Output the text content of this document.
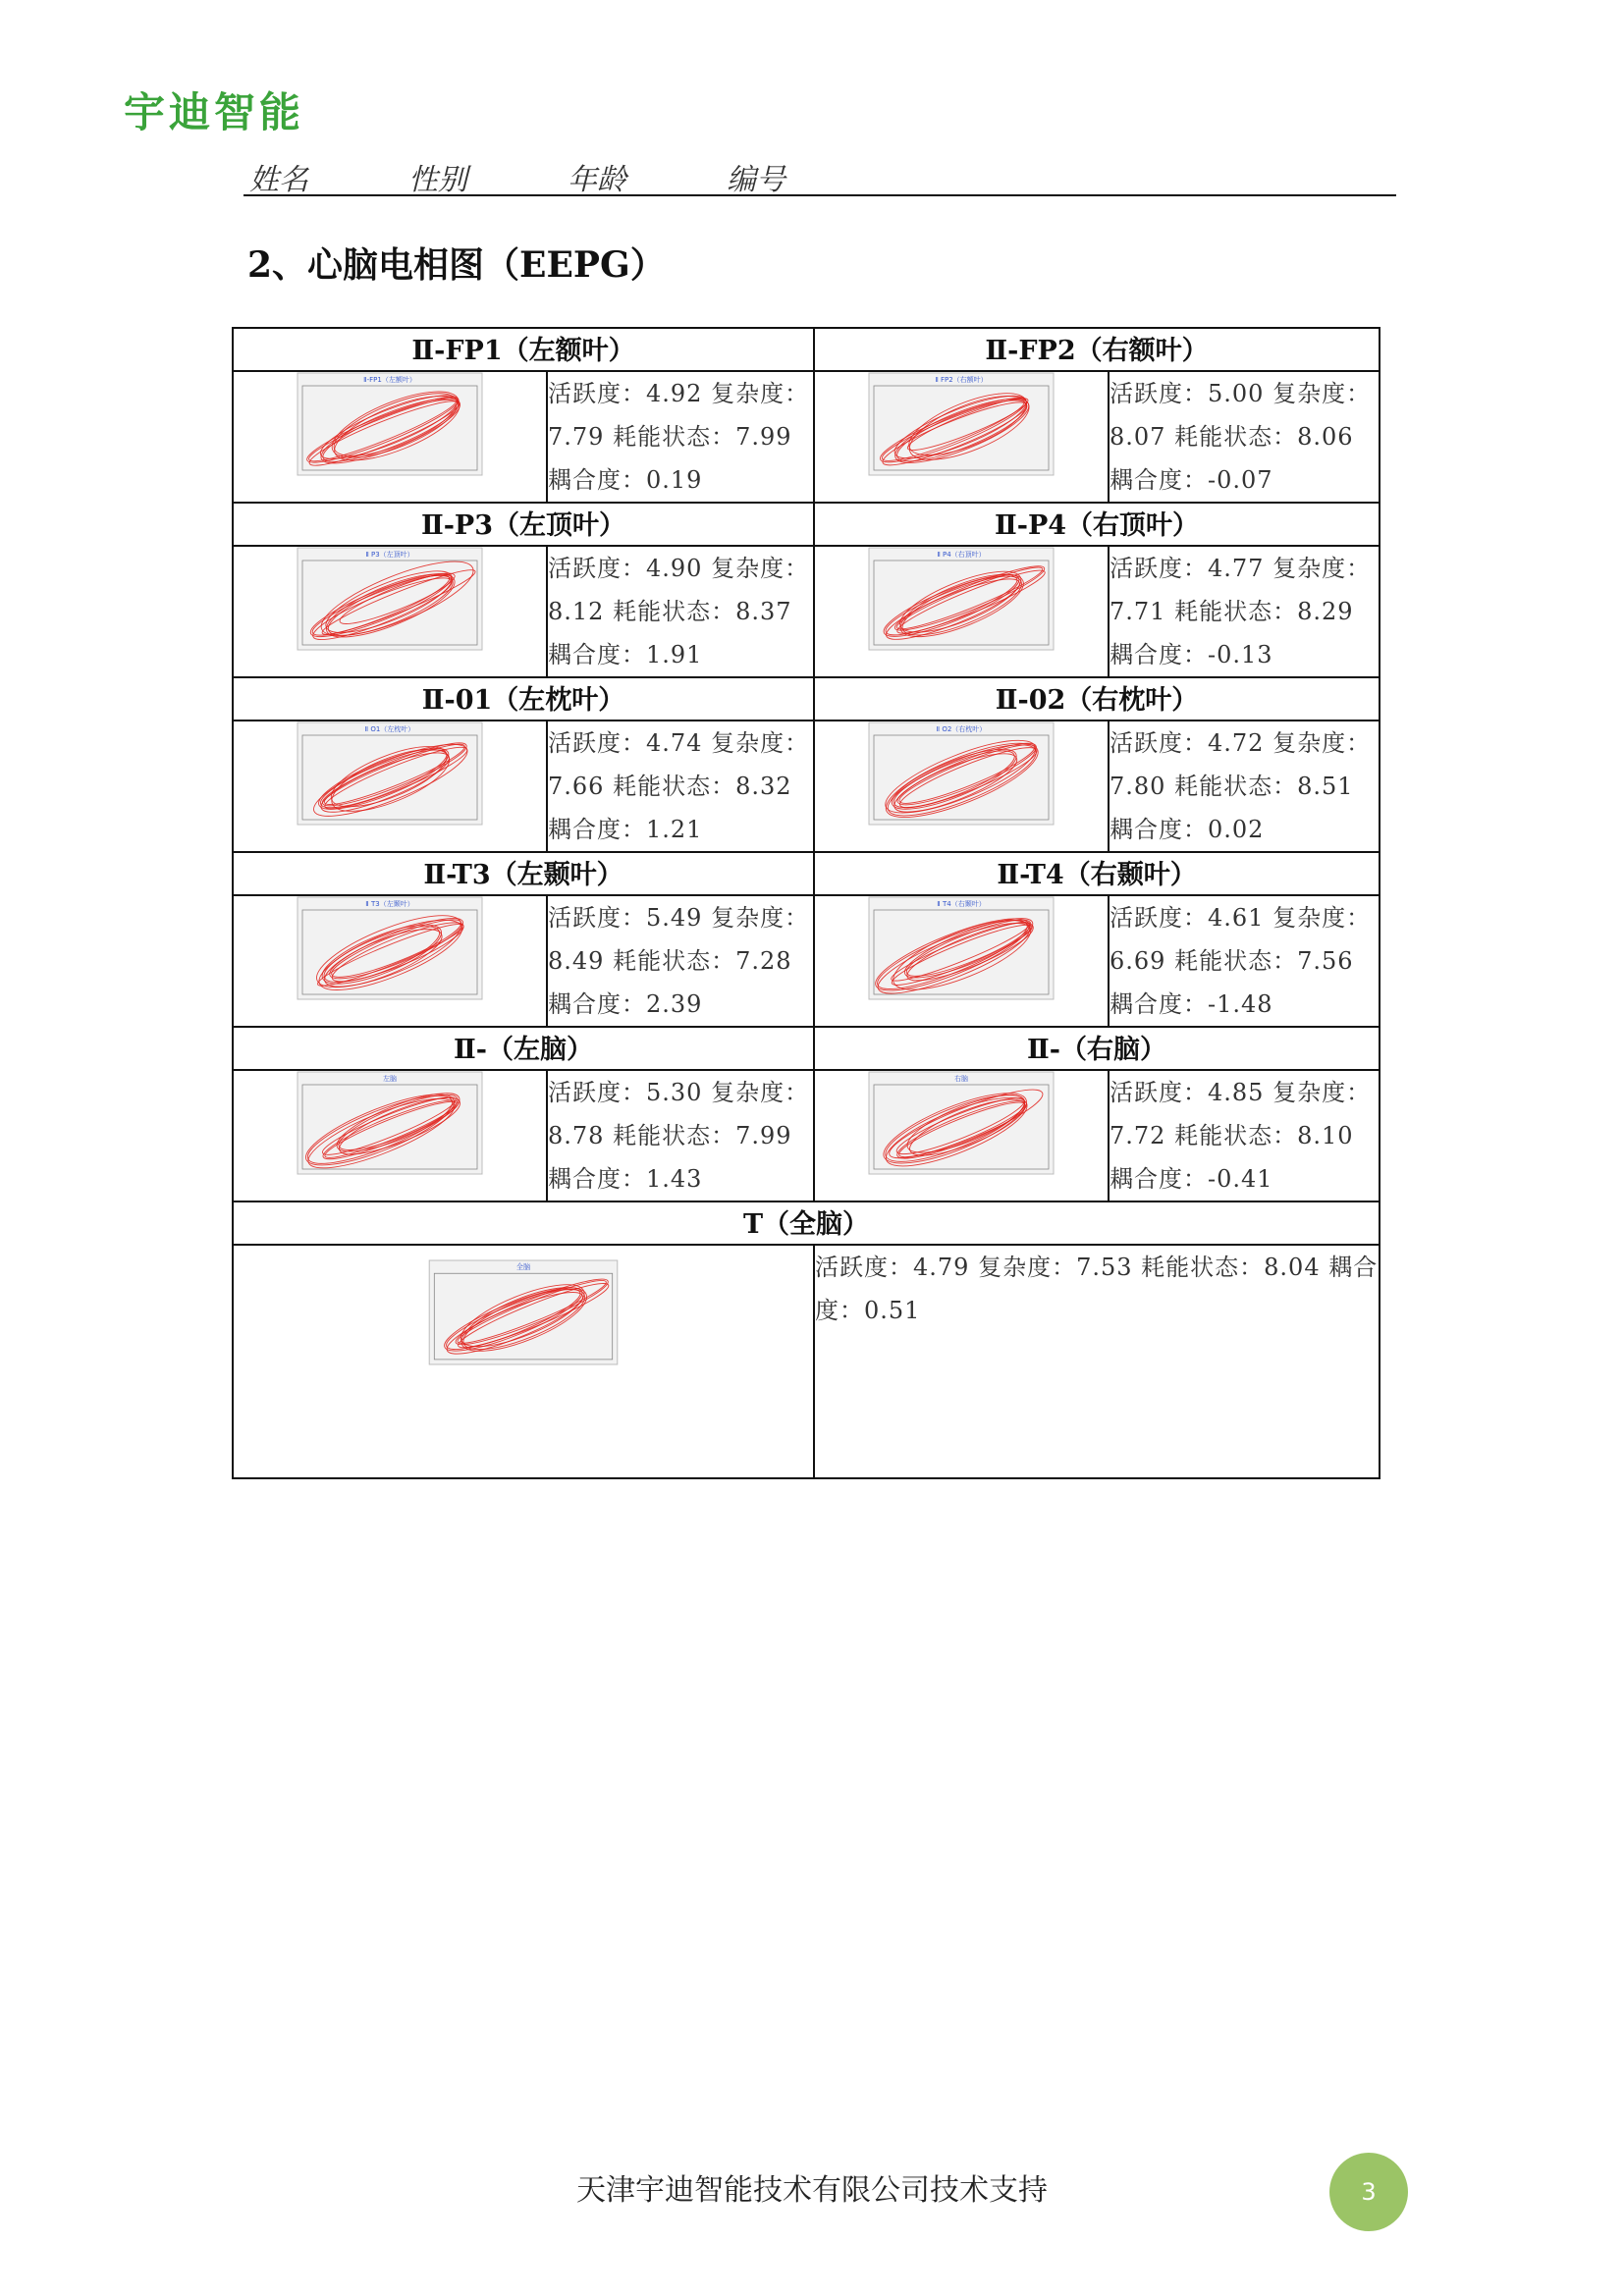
宇迪智能
姓名	性别	年龄	编号
2、心脑电相图（EEPG）
Ⅱ-FP1（左额叶）		Ⅱ-FP2（右额叶）	

Ⅱ-FP1（左额叶）	活跃度：4.92 复杂度：7.79 耗能状态：7.99 耦合度：0.19	Ⅱ FP2（右额叶）	活跃度：5.00 复杂度：8.07 耗能状态：8.06 耦合度：-0.07
Ⅱ-P3（左顶叶）		Ⅱ-P4（右顶叶）	

Ⅱ P3（左顶叶）	活跃度：4.90 复杂度：8.12 耗能状态：8.37 耦合度：1.91	Ⅱ P4（右顶叶）	活跃度：4.77 复杂度：7.71 耗能状态：8.29 耦合度：-0.13
Ⅱ-01（左枕叶）		Ⅱ-02（右枕叶）	

Ⅱ O1（左枕叶）	活跃度：4.74 复杂度：7.66 耗能状态：8.32 耦合度：1.21	Ⅱ O2（右枕叶）	活跃度：4.72 复杂度：7.80 耗能状态：8.51 耦合度：0.02
Ⅱ-T3（左颞叶）		Ⅱ-T4（右颞叶）	

Ⅱ T3（左颞叶）	活跃度：5.49 复杂度：8.49 耗能状态：7.28 耦合度：2.39	Ⅱ T4（右颞叶）	活跃度：4.61 复杂度：6.69 耗能状态：7.56 耦合度：-1.48
Ⅱ-（左脑）		Ⅱ-（右脑）	

左脑	活跃度：5.30 复杂度：8.78 耗能状态：7.99 耦合度：1.43	右脑	活跃度：4.85 复杂度：7.72 耗能状态：8.10 耦合度：-0.41
T（全脑）			

全脑		活跃度：4.79 复杂度：7.53 耗能状态：8.04 耦合度：0.51	
天津宇迪智能技术有限公司技术支持	3
